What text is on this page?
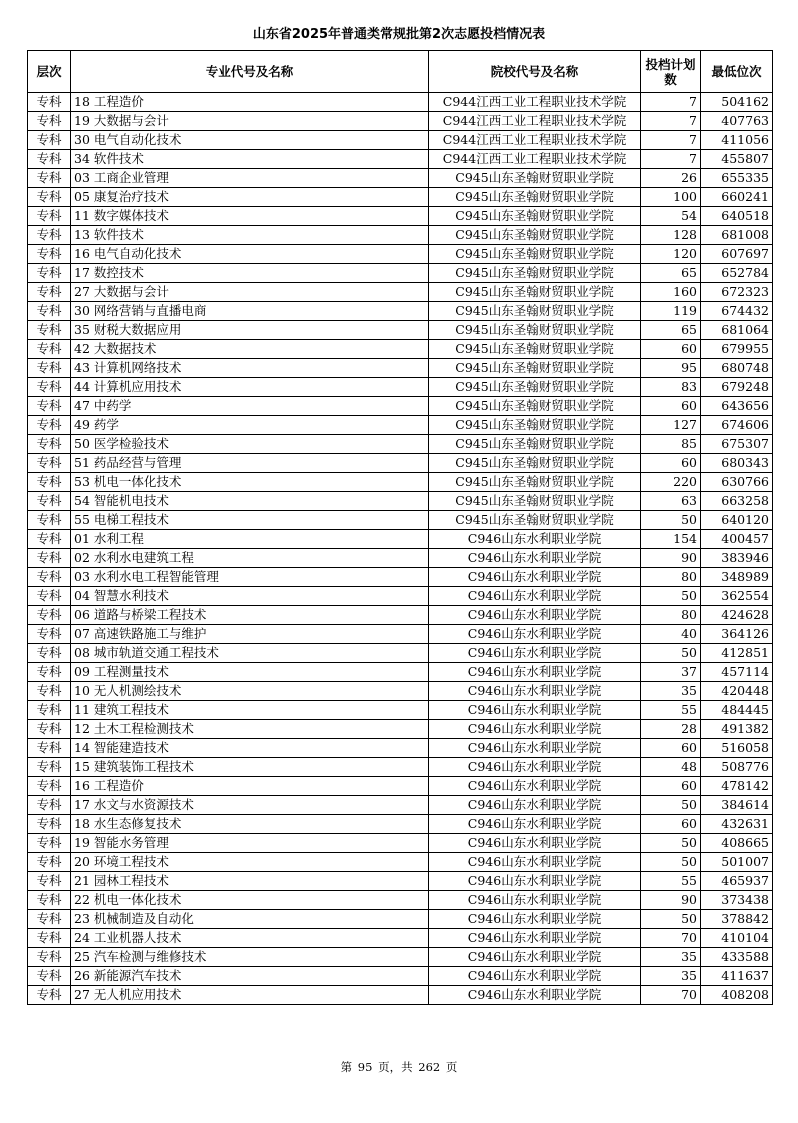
山东省2025年普通类常规批第2次志愿投档情况表
层次	专业代号及名称	院校代号及名称	投档计划数	最低位次
专科	18 工程造价	C944江西工业工程职业技术学院	7	504162
专科	19 大数据与会计	C944江西工业工程职业技术学院	7	407763
专科	30 电气自动化技术	C944江西工业工程职业技术学院	7	411056
专科	34 软件技术	C944江西工业工程职业技术学院	7	455807
专科	03 工商企业管理	C945山东圣翰财贸职业学院	26	655335
专科	05 康复治疗技术	C945山东圣翰财贸职业学院	100	660241
专科	11 数字媒体技术	C945山东圣翰财贸职业学院	54	640518
专科	13 软件技术	C945山东圣翰财贸职业学院	128	681008
专科	16 电气自动化技术	C945山东圣翰财贸职业学院	120	607697
专科	17 数控技术	C945山东圣翰财贸职业学院	65	652784
专科	27 大数据与会计	C945山东圣翰财贸职业学院	160	672323
专科	30 网络营销与直播电商	C945山东圣翰财贸职业学院	119	674432
专科	35 财税大数据应用	C945山东圣翰财贸职业学院	65	681064
专科	42 大数据技术	C945山东圣翰财贸职业学院	60	679955
专科	43 计算机网络技术	C945山东圣翰财贸职业学院	95	680748
专科	44 计算机应用技术	C945山东圣翰财贸职业学院	83	679248
专科	47 中药学	C945山东圣翰财贸职业学院	60	643656
专科	49 药学	C945山东圣翰财贸职业学院	127	674606
专科	50 医学检验技术	C945山东圣翰财贸职业学院	85	675307
专科	51 药品经营与管理	C945山东圣翰财贸职业学院	60	680343
专科	53 机电一体化技术	C945山东圣翰财贸职业学院	220	630766
专科	54 智能机电技术	C945山东圣翰财贸职业学院	63	663258
专科	55 电梯工程技术	C945山东圣翰财贸职业学院	50	640120
专科	01 水利工程	C946山东水利职业学院	154	400457
专科	02 水利水电建筑工程	C946山东水利职业学院	90	383946
专科	03 水利水电工程智能管理	C946山东水利职业学院	80	348989
专科	04 智慧水利技术	C946山东水利职业学院	50	362554
专科	06 道路与桥梁工程技术	C946山东水利职业学院	80	424628
专科	07 高速铁路施工与维护	C946山东水利职业学院	40	364126
专科	08 城市轨道交通工程技术	C946山东水利职业学院	50	412851
专科	09 工程测量技术	C946山东水利职业学院	37	457114
专科	10 无人机测绘技术	C946山东水利职业学院	35	420448
专科	11 建筑工程技术	C946山东水利职业学院	55	484445
专科	12 土木工程检测技术	C946山东水利职业学院	28	491382
专科	14 智能建造技术	C946山东水利职业学院	60	516058
专科	15 建筑装饰工程技术	C946山东水利职业学院	48	508776
专科	16 工程造价	C946山东水利职业学院	60	478142
专科	17 水文与水资源技术	C946山东水利职业学院	50	384614
专科	18 水生态修复技术	C946山东水利职业学院	60	432631
专科	19 智能水务管理	C946山东水利职业学院	50	408665
专科	20 环境工程技术	C946山东水利职业学院	50	501007
专科	21 园林工程技术	C946山东水利职业学院	55	465937
专科	22 机电一体化技术	C946山东水利职业学院	90	373438
专科	23 机械制造及自动化	C946山东水利职业学院	50	378842
专科	24 工业机器人技术	C946山东水利职业学院	70	410104
专科	25 汽车检测与维修技术	C946山东水利职业学院	35	433588
专科	26 新能源汽车技术	C946山东水利职业学院	35	411637
专科	27 无人机应用技术	C946山东水利职业学院	70	408208
第 95 页，共 262 页
